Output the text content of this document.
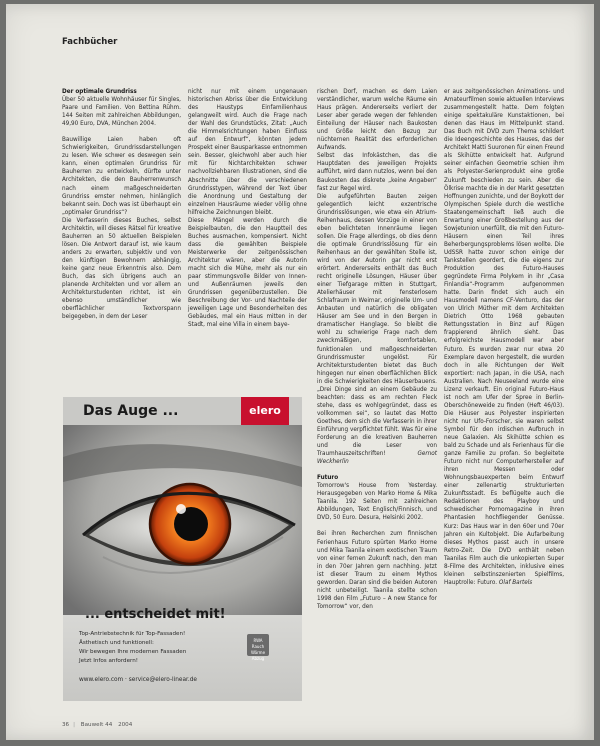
Fachbücher

Der optimale Grundriss

Über 50 aktuelle Wohnhäuser für Singles, Paare und Familien. Von Bettina Rühm. 144 Seiten mit zahlreichen Abbildungen, 49,90 Euro, DVA, München 2004.

Bauwillige Laien haben oft Schwierigkeiten, Grundrissdarstellungen zu lesen. Wie schwer es deswegen sein kann, einen optimalen Grundriss für Bauherren zu entwickeln, dürfte unter Architekten, die den Bauherrenwunsch nach einem maßgeschneiderten Grundriss emster nehmen, hinlänglich bekannt sein. Doch was ist überhaupt ein „optimaler Grundriss“?

Die Verfasserin dieses Buches, selbst Architektin, will dieses Rätsel für kreative Bauherren an 50 aktuellen Beispielen lösen. Die Antwort darauf ist, wie kaum anders zu erwarten, subjektiv und von den künftigen Bewohnern abhängig, keine ganz neue Erkenntnis also. Dem Buch, das sich übrigens auch an planende Architekten und vor allem an Architekturstudenten richtet, ist ein ebenso umständlicher wie oberflächlicher Textvorspann beigegeben, in dem der Leser

nicht nur mit einem ungenauen historischen Abriss über die Entwicklung des Haustyps Einfamilienhaus gelangweilt wird. Auch die Frage nach der Wahl des Grundstücks, Zitat: „Auch die Himmelsrichtungen haben Einfluss auf den Entwurf“, könnten jedem Prospekt einer Bausparkasse entnommen sein. Besser, gleichwohl aber auch hier mit für Nichtarchitekten schwer nachvollziehbaren Illustrationen, sind die Abschnitte über die verschiedenen Grundrisstypen, während der Text über die Anordnung und Gestaltung der einzelnen Hausräume wieder völlig ohne hilfreiche Zeichnungen bleibt.

Diese Mängel werden durch die Beispielbauten, die den Hauptteil des Buches ausmachen, kompensiert. Nicht dass die gewählten Beispiele Meisterwerke der zeitgenössischen Architektur wären, aber die Autorin macht sich die Mühe, mehr als nur ein paar stimmungsvolle Bilder von Innen- und Außenräumen jeweils den Grundrissen gegenüberzustellen. Die Beschreibung der Vor- und Nachteile der jeweiligen Lage und Besonderheiten des Gebäudes, mal ein Haus mitten in der Stadt, mal eine Villa in einem baye-

rischen Dorf, machen es dem Laien verständlicher, warum welche Räume ein Haus prägen. Andererseits verliert der Leser aber gerade wegen der fehlenden Einteilung der Häuser nach Baukosten und Größe leicht den Bezug zur nüchternen Realität des erforderlichen Aufwands.

Selbst das Infokästchen, das die Hauptdaten des jeweiligen Projekts aufführt, wird dann nutzlos, wenn bei den Baukosten das diskrete „keine Angaben“ fast zur Regel wird.

Die aufgeführten Bauten zeigen gelegentlich leicht exzentrische Grundrisslösungen, wie etwa ein Atrium-Reihenhaus, dessen Vorzüge in einer von eben belichteten Innenräume liegen sollen. Die Frage allerdings, ob dies denn die optimale Grundrisslösung für ein Reihenhaus an der gewählten Stelle ist, wird von der Autorin gar nicht erst erörtert. Andererseits enthält das Buch recht originelle Lösungen, Häuser über einer Tiefgarage mitten in Stuttgart, Atelierhäuser mit fensterlosem Schlafraum in Weimar, originelle Um- und Anbauten und natürlich die obligaten Häuser am See und in den Bergen in dramatischer Hanglage. So bleibt die wohl zu schwierige Frage nach dem zweckmäßigen, komfortablen, funktionalen und maßgeschneiderten Grundrissmuster ungelöst. Für Architekturstudenten bietet das Buch hingegen nur einen oberflächlichen Blick in die Schwierigkeiten des Häuserbauens. „Drei Dinge sind an einem Gebäude zu beachten: dass es am rechten Fleck stehe, dass es wohlgegründet, dass es vollkommen sei“, so lautet das Motto Goethes, dem sich die Verfasserin in ihrer Einführung verpflichtet fühlt. Was für eine Forderung an die kreativen Bauherren und die Leser von Traumhauszeitschriften!	Gernot Weckherlin

Futuro

Tomorrow's House from Yesterday. Herausgegeben von Marko Home & Mika Taanila. 192 Seiten mit zahlreichen Abbildungen, Text Englisch/Finnisch, und DVD, 50 Euro. Desura, Helsinki 2002.

Bei ihren Recherchen zum finnischen Ferienhaus Futuro spürten Marko Home und Mika Taanila einem exotischen Traum von einer fernen Zukunft nach, den man in den 70er Jahren gern nachhing. Jetzt ist dieser Traum zu einem Mythos geworden. Daran sind die beiden Autoren nicht unbeteiligt. Taanila stellte schon 1998 den Film „Futuro – A new Stance for Tomorrow“ vor, den

er aus zeitgenössischen Animations- und Amateurfilmen sowie aktuellen Interviews zusammengestellt hatte. Dem folgten einige spektakuläre Kunstaktionen, bei denen das Haus im Mittelpunkt stand. Das Buch mit DVD zum Thema schildert die Ideengeschichte des Hauses, das der Architekt Matti Suuronen für einen Freund als Skihütte entwickelt hat. Aufgrund seiner einfachen Geometrie schien ihm als Polyester-Serienprodukt eine große Zukunft beschieden zu sein. Aber die Ölkrise machte die in der Markt gesetzten Hoffnungen zunichte, und der Boykott der Olympischen Spiele durch die westliche Staatengemeinschaft ließ auch die Erwartung einer Großbestellung aus der Sowjetunion unerfüllt, die mit den Futuro-Häusern einen Teil ihres Beherbergungsproblems lösen wollte. Die UdSSR hatte zuvor schon einige der Tankstellen geordert, die die eigens zur Produktion des Futuro-Hauses gegründete Firma Polykem in ihr „Casa Finlandia“-Programm aufgenommen hatte. Darin findet sich auch ein Hausmodell namens CF-Venturo, das der von Ulrich Müther mit dem Architekten Dietrich Otto 1968 gebauten Rettungsstation in Binz auf Rügen frappierend ähnlich sieht. Das erfolgreichste Hausmodell war aber Futuro. Es wurden zwar nur etwa 20 Exemplare davon hergestellt, die wurden doch in alle Richtungen der Welt exportiert: nach Japan, in die USA, nach Australien. Nach Neuseeland wurde eine Lizenz verkauft. Ein original Futuro-Haus ist noch am Ufer der Spree in Berlin-Oberschöneweide zu finden (Heft 46/03). Die Häuser aus Polyester inspirierten nicht nur Ufo-Forscher, sie waren selbst Symbol für den irdischen Aufbruch in neue Galaxien. Als Skihütte schien es bald zu Schade und als Ferienhaus für die ganze Familie zu profan. So begleitete Futuro nicht nur Computerhersteller auf ihren Messen oder Wohnungsbauexperten beim Entwurf einer zellenartig strukturierten Zukunftsstadt. Es beflügelte auch die Redaktionen des Playboy und schwedischer Pornomagazine in ihren Phantasien hochfliegender Genüsse. Kurz: Das Haus war in den 60er und 70er Jahren ein Kultobjekt. Die Aufarbeitung dieses Mythos passt auch in unsere Retro-Zeit. Die DVD enthält neben Taanilas Film auch die unkopierten Super 8-Filme des Architekten, inklusive eines kleinen selbstinszenierten Spielfilms, Hauptrolle: Futuro. Olaf Bartels

Das Auge ...	elero
... entscheidet mit!
Top-Antriebstechnik für Top-Fassaden!
Ästhetisch und funktionell:
Wir bewegen Ihre modernen Fassaden
Jetzt Infos anfordern!
RWA Rauch Wärme Abzug
www.elero.com · service@elero-linear.de
36 | Bauwelt 44 2004
